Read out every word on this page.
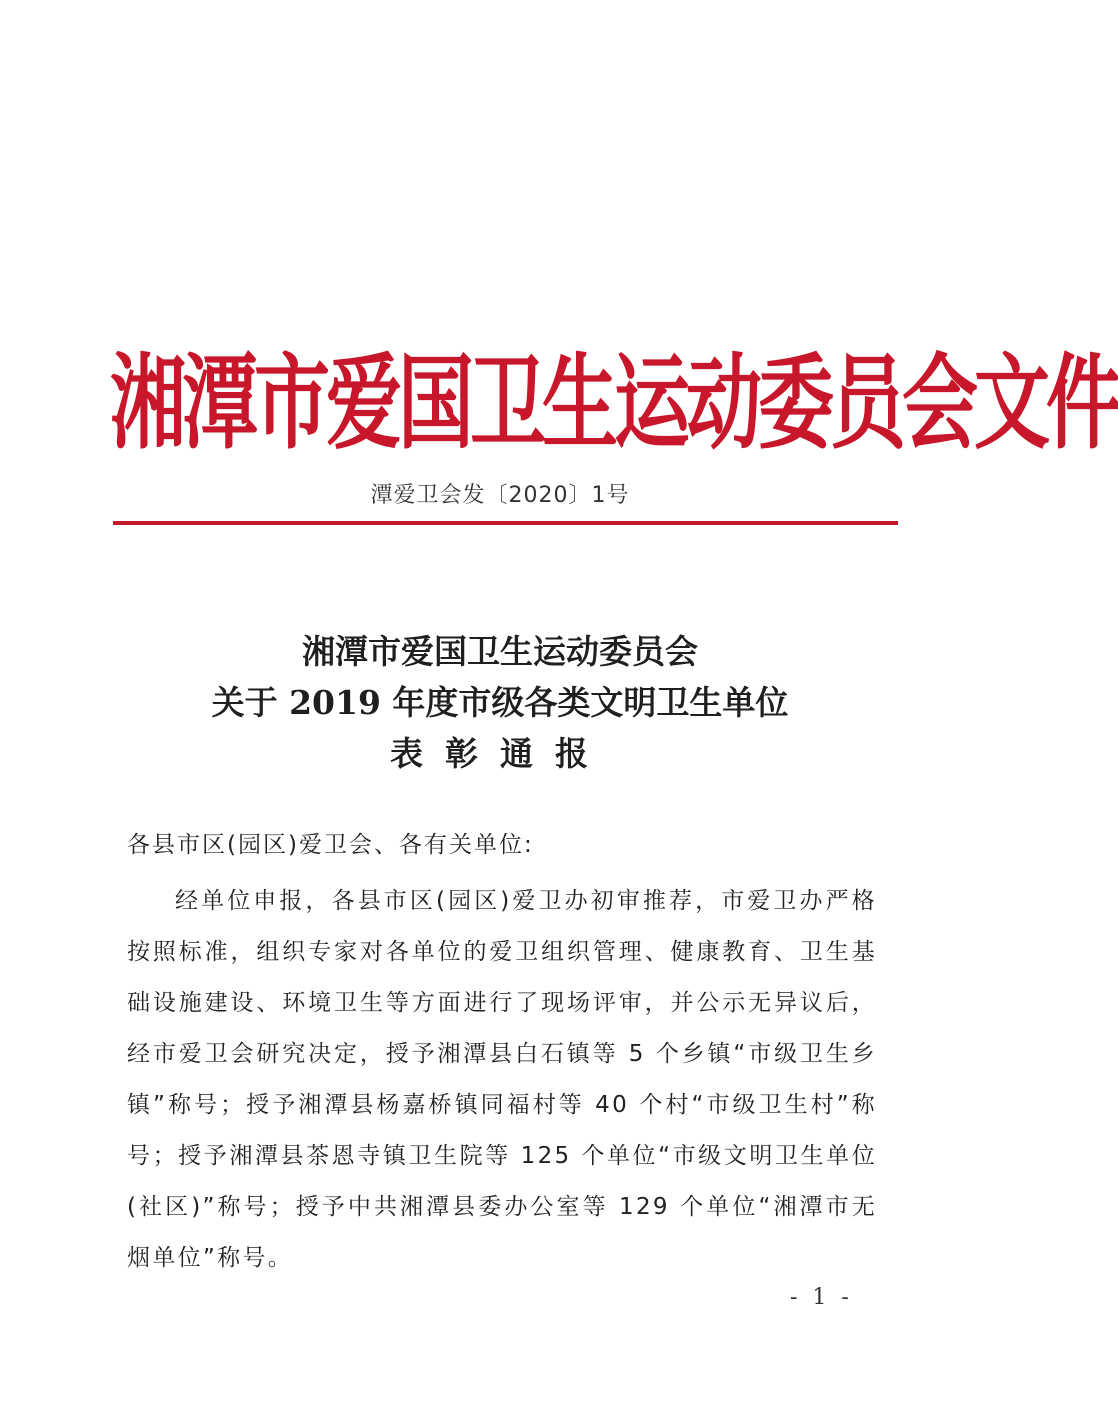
湘潭市爱国卫生运动委员会文件
潭爱卫会发〔2020〕1号
湘潭市爱国卫生运动委员会
关于 2019 年度市级各类文明卫生单位
表彰通报
各县市区(园区)爱卫会、各有关单位:
经单位申报，各县市区(园区)爱卫办初审推荐，市爱卫办严格按照标准，组织专家对各单位的爱卫组织管理、健康教育、卫生基础设施建设、环境卫生等方面进行了现场评审，并公示无异议后，经市爱卫会研究决定，授予湘潭县白石镇等 5 个乡镇“市级卫生乡镇”称号；授予湘潭县杨嘉桥镇同福村等 40 个村“市级卫生村”称号；授予湘潭县茶恩寺镇卫生院等 125 个单位“市级文明卫生单位(社区)”称号；授予中共湘潭县委办公室等 129 个单位“湘潭市无烟单位”称号。
- 1 -
